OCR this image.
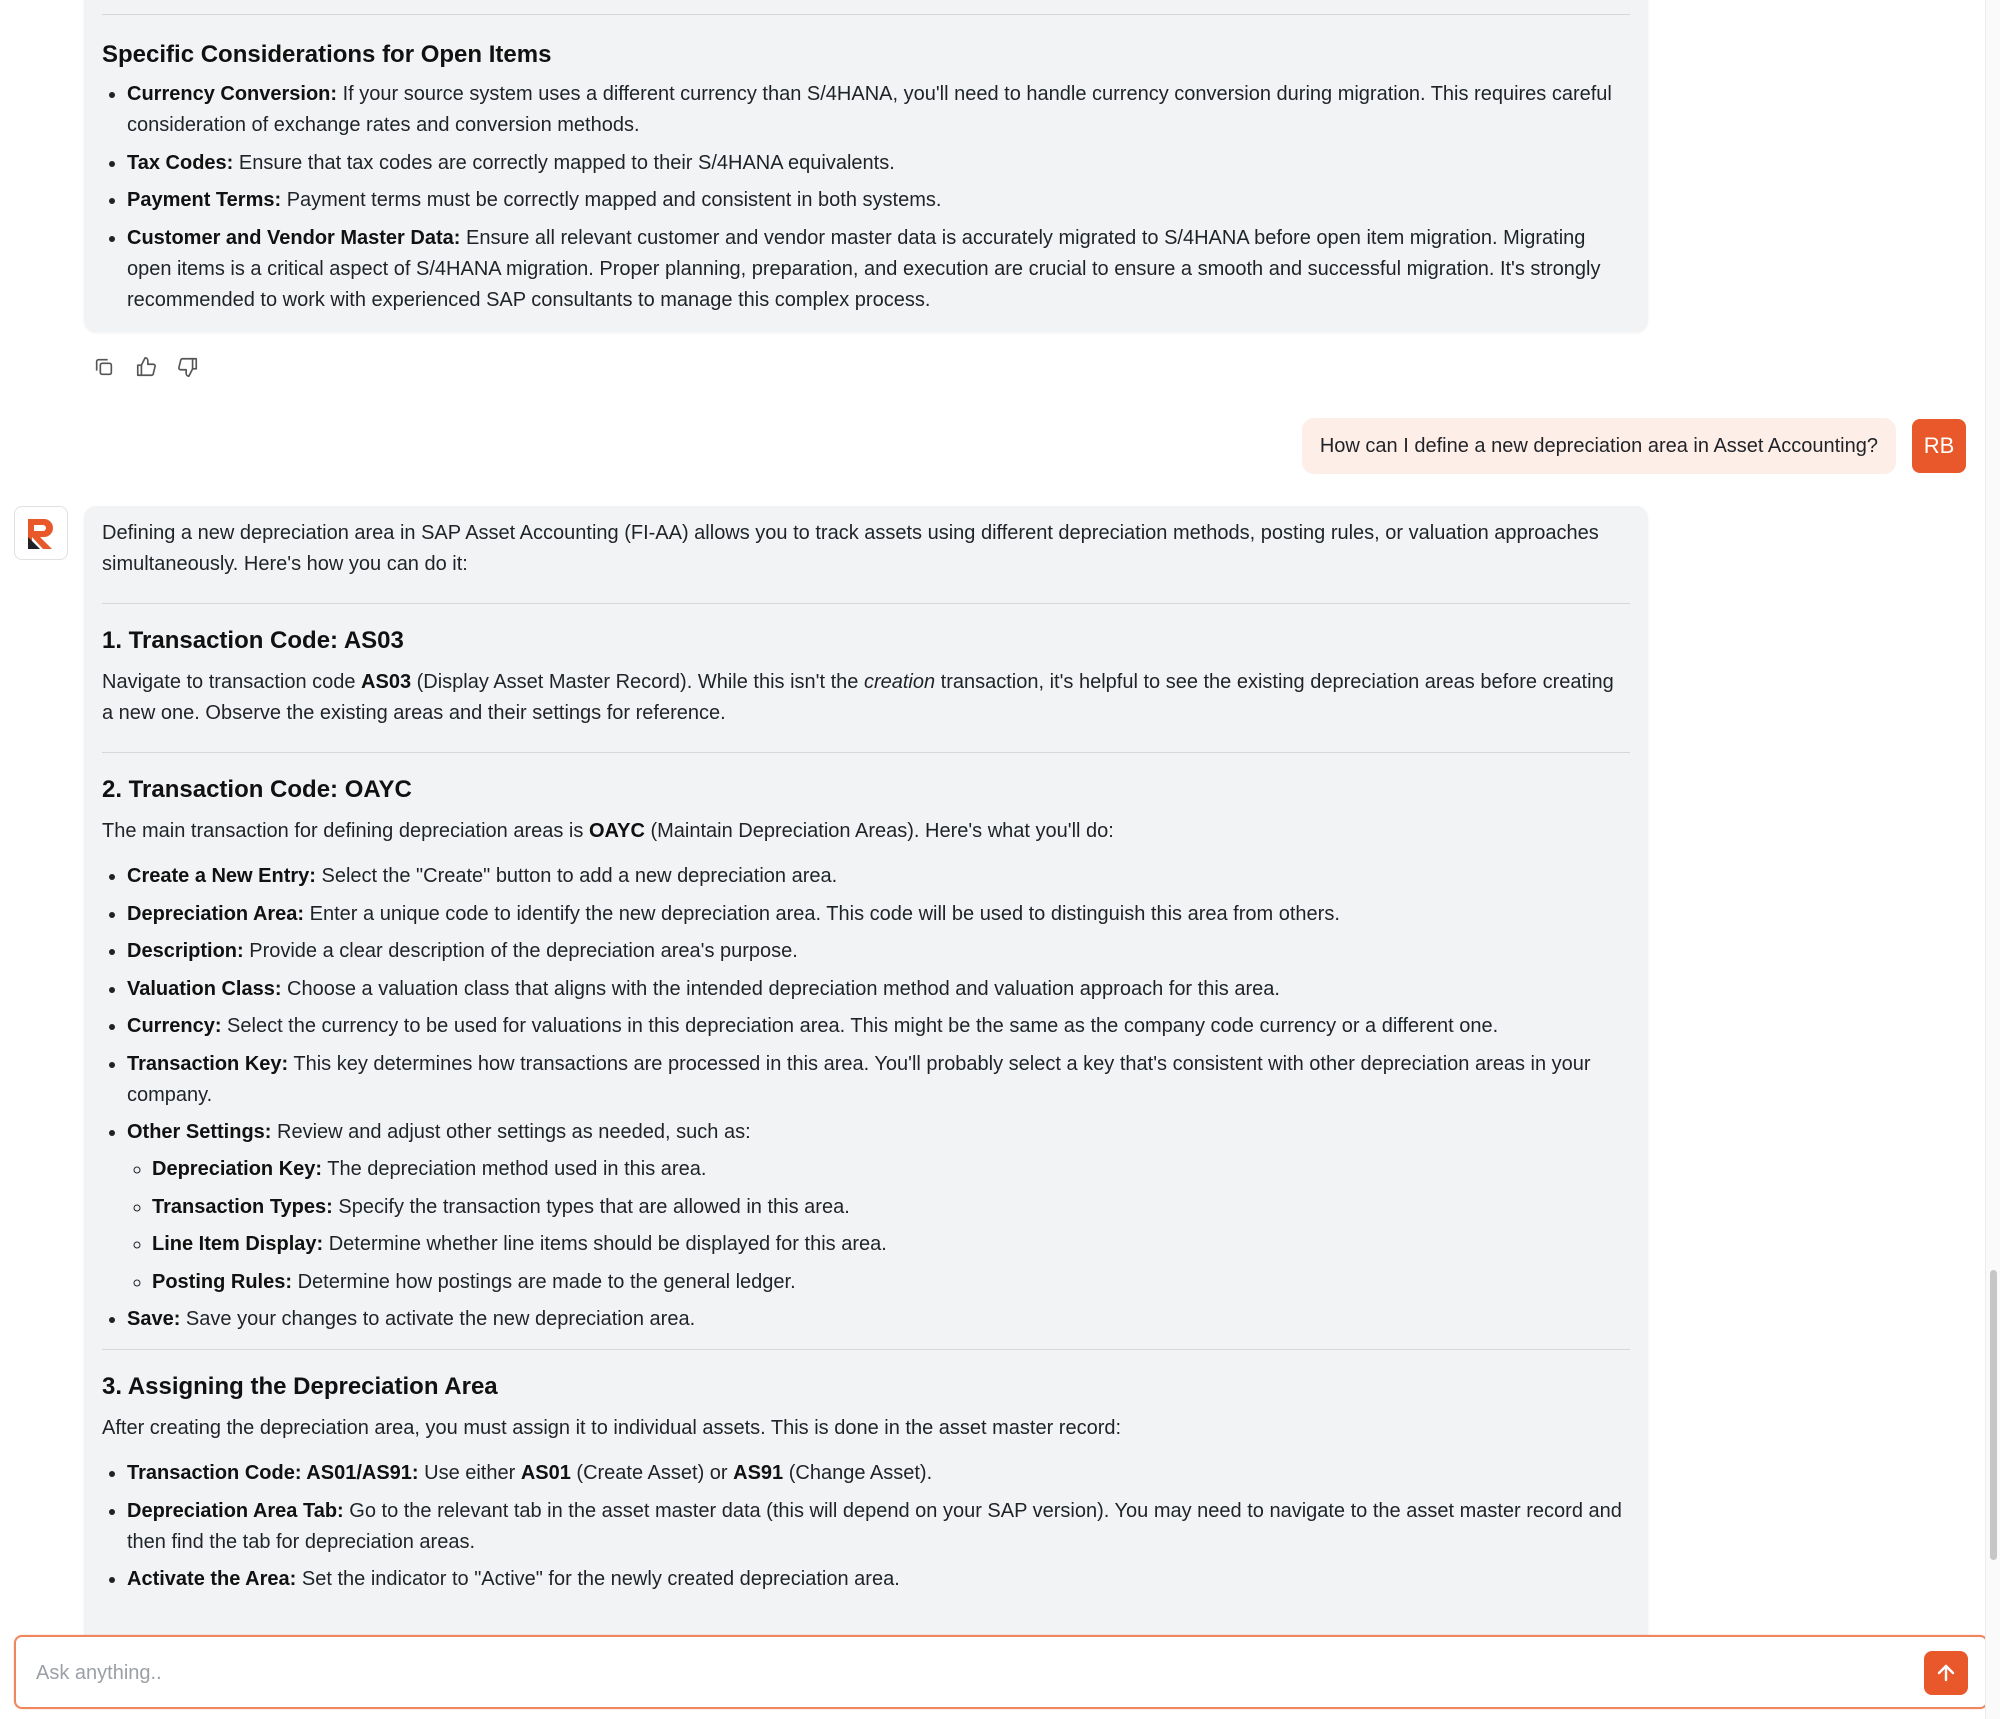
Specific Considerations for Open Items
• Currency Conversion: If your source system uses a different currency than S/4HANA, you'll need to handle currency conversion during migration. This requires careful consideration of exchange rates and conversion methods.
• Tax Codes: Ensure that tax codes are correctly mapped to their S/4HANA equivalents.
• Payment Terms: Payment terms must be correctly mapped and consistent in both systems.
• Customer and Vendor Master Data: Ensure all relevant customer and vendor master data is accurately migrated to S/4HANA before open item migration. Migrating open items is a critical aspect of S/4HANA migration. Proper planning, preparation, and execution are crucial to ensure a smooth and successful migration. It's strongly recommended to work with experienced SAP consultants to manage this complex process.
How can I define a new depreciation area in Asset Accounting?	RB

Defining a new depreciation area in SAP Asset Accounting (FI-AA) allows you to track assets using different depreciation methods, posting rules, or valuation approaches simultaneously. Here's how you can do it:

1. Transaction Code: AS03

Navigate to transaction code AS03 (Display Asset Master Record). While this isn't the creation transaction, it's helpful to see the existing depreciation areas before creating a new one. Observe the existing areas and their settings for reference.

2. Transaction Code: OAYC

The main transaction for defining depreciation areas is OAYC (Maintain Depreciation Areas). Here's what you'll do:

• Create a New Entry: Select the "Create" button to add a new depreciation area.
• Depreciation Area: Enter a unique code to identify the new depreciation area. This code will be used to distinguish this area from others.
• Description: Provide a clear description of the depreciation area's purpose.
• Valuation Class: Choose a valuation class that aligns with the intended depreciation method and valuation approach for this area.
• Currency: Select the currency to be used for valuations in this depreciation area. This might be the same as the company code currency or a different one.
• Transaction Key: This key determines how transactions are processed in this area. You'll probably select a key that's consistent with other depreciation areas in your company.
• Other Settings: Review and adjust other settings as needed, such as:
◦ Depreciation Key: The depreciation method used in this area.
◦ Transaction Types: Specify the transaction types that are allowed in this area.
◦ Line Item Display: Determine whether line items should be displayed for this area.
◦ Posting Rules: Determine how postings are made to the general ledger.
• Save: Save your changes to activate the new depreciation area.
3. Assigning the Depreciation Area

After creating the depreciation area, you must assign it to individual assets. This is done in the asset master record:

• Transaction Code: AS01/AS91: Use either AS01 (Create Asset) or AS91 (Change Asset).
• Depreciation Area Tab: Go to the relevant tab in the asset master data (this will depend on your SAP version). You may need to navigate to the asset master record and then find the tab for depreciation areas.
• Activate the Area: Set the indicator to "Active" for the newly created depreciation area.
Ask anything..
